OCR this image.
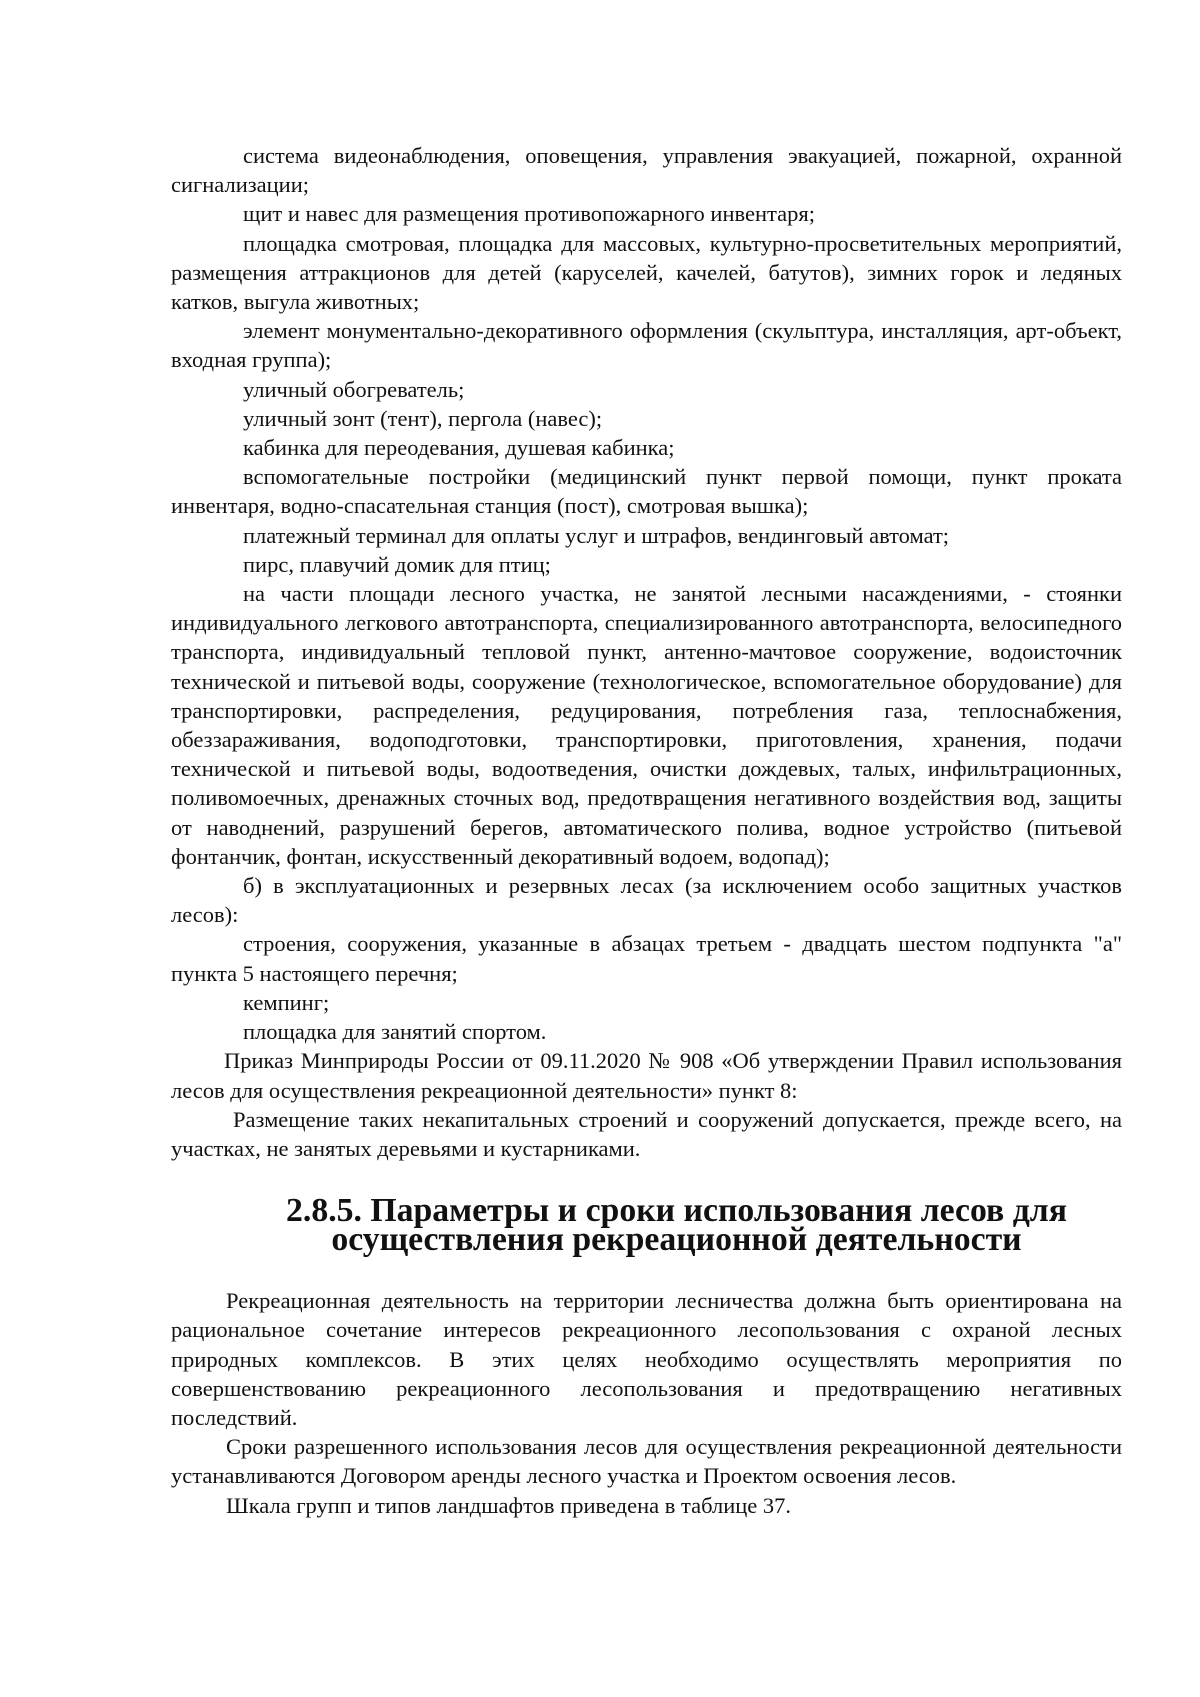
система видеонаблюдения, оповещения, управления эвакуацией, пожарной, охранной сигнализации;

щит и навес для размещения противопожарного инвентаря;

площадка смотровая, площадка для массовых, культурно-просветительных мероприятий, размещения аттракционов для детей (каруселей, качелей, батутов), зимних горок и ледяных катков, выгула животных;

элемент монументально-декоративного оформления (скульптура, инсталляция, арт-объект, входная группа);

уличный обогреватель;

уличный зонт (тент), пергола (навес);

кабинка для переодевания, душевая кабинка;

вспомогательные постройки (медицинский пункт первой помощи, пункт проката инвентаря, водно-спасательная станция (пост), смотровая вышка);

платежный терминал для оплаты услуг и штрафов, вендинговый автомат;

пирс, плавучий домик для птиц;

на части площади лесного участка, не занятой лесными насаждениями, - стоянки индивидуального легкового автотранспорта, специализированного автотранспорта, велосипедного транспорта, индивидуальный тепловой пункт, антенно-мачтовое сооружение, водоисточник технической и питьевой воды, сооружение (технологическое, вспомогательное оборудование) для транспортировки, распределения, редуцирования, потребления газа, теплоснабжения, обеззараживания, водоподготовки, транспортировки, приготовления, хранения, подачи технической и питьевой воды, водоотведения, очистки дождевых, талых, инфильтрационных, поливомоечных, дренажных сточных вод, предотвращения негативного воздействия вод, защиты от наводнений, разрушений берегов, автоматического полива, водное устройство (питьевой фонтанчик, фонтан, искусственный декоративный водоем, водопад);

б) в эксплуатационных и резервных лесах (за исключением особо защитных участков лесов):

строения, сооружения, указанные в абзацах третьем - двадцать шестом подпункта "а" пункта 5 настоящего перечня;

кемпинг;

площадка для занятий спортом.

Приказ Минприроды России от 09.11.2020 № 908 «Об утверждении Правил использования лесов для осуществления рекреационной деятельности» пункт 8:

Размещение таких некапитальных строений и сооружений допускается, прежде всего, на участках, не занятых деревьями и кустарниками.

2.8.5. Параметры и сроки использования лесов для осуществления рекреационной деятельности

Рекреационная деятельность на территории лесничества должна быть ориентирована на рациональное сочетание интересов рекреационного лесопользования с охраной лесных природных комплексов. В этих целях необходимо осуществлять мероприятия по совершенствованию рекреационного лесопользования и предотвращению негативных последствий.

Сроки разрешенного использования лесов для осуществления рекреационной деятельности устанавливаются Договором аренды лесного участка и Проектом освоения лесов.

Шкала групп и типов ландшафтов приведена в таблице 37.
